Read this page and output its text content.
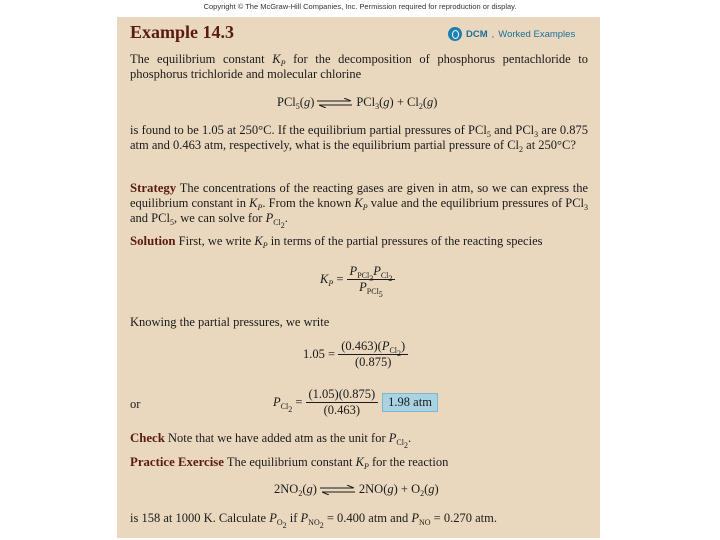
Copyright © The McGraw-Hill Companies, Inc. Permission required for reproduction or display.
Example 14.3	DCM , Worked Examples

The equilibrium constant $K_P$ for the decomposition of phosphorus pentachloride to phosphorus trichloride and molecular chlorine

PCl$_5$(g) ⇌ $PCl_3(g) + Cl_2(g)$

is found to be 1.05 at 250°C. If the equilibrium partial pressures of PCl$_5$ and PCl$_3$ are 0.875 atm and 0.463 atm, respectively, what is the equilibrium partial pressure of $Cl_2$ at 250°C?

Strategy The concentrations of the reacting gases are given in atm, so we can express the equilibrium constant in $K_P$. From the known $K_P$ value and the equilibrium pressures of PCl$_3$ and PCl$_5$, we can solve for $P_{Cl_2}$.

Solution First, we write $K_P$ in terms of the partial pressures of the reacting species

$K_P = \frac{P_{PCl_3}P_{Cl_2}}{P_{PCl_5}}$

Knowing the partial pressures, we write

$1.05 = \frac{(0.463)(P_{Cl_2})}{(0.875)}$
or	$P_{Cl_2} = \frac{(1.05)(0.875)}{(0.463)} 1.98$ atm

Check Note that we have added atm as the unit for $P_{Cl_2}$.

Practice Exercise The equilibrium constant $K_P$ for the reaction

$2NO_2(g)$ ⇌ $2NO(g) + O_2(g)$

is 158 at 1000 K. Calculate $P_{O_2}$ if $P_{NO_2} = 0.400$ atm and $P_{NO} = 0.270$ atm.
